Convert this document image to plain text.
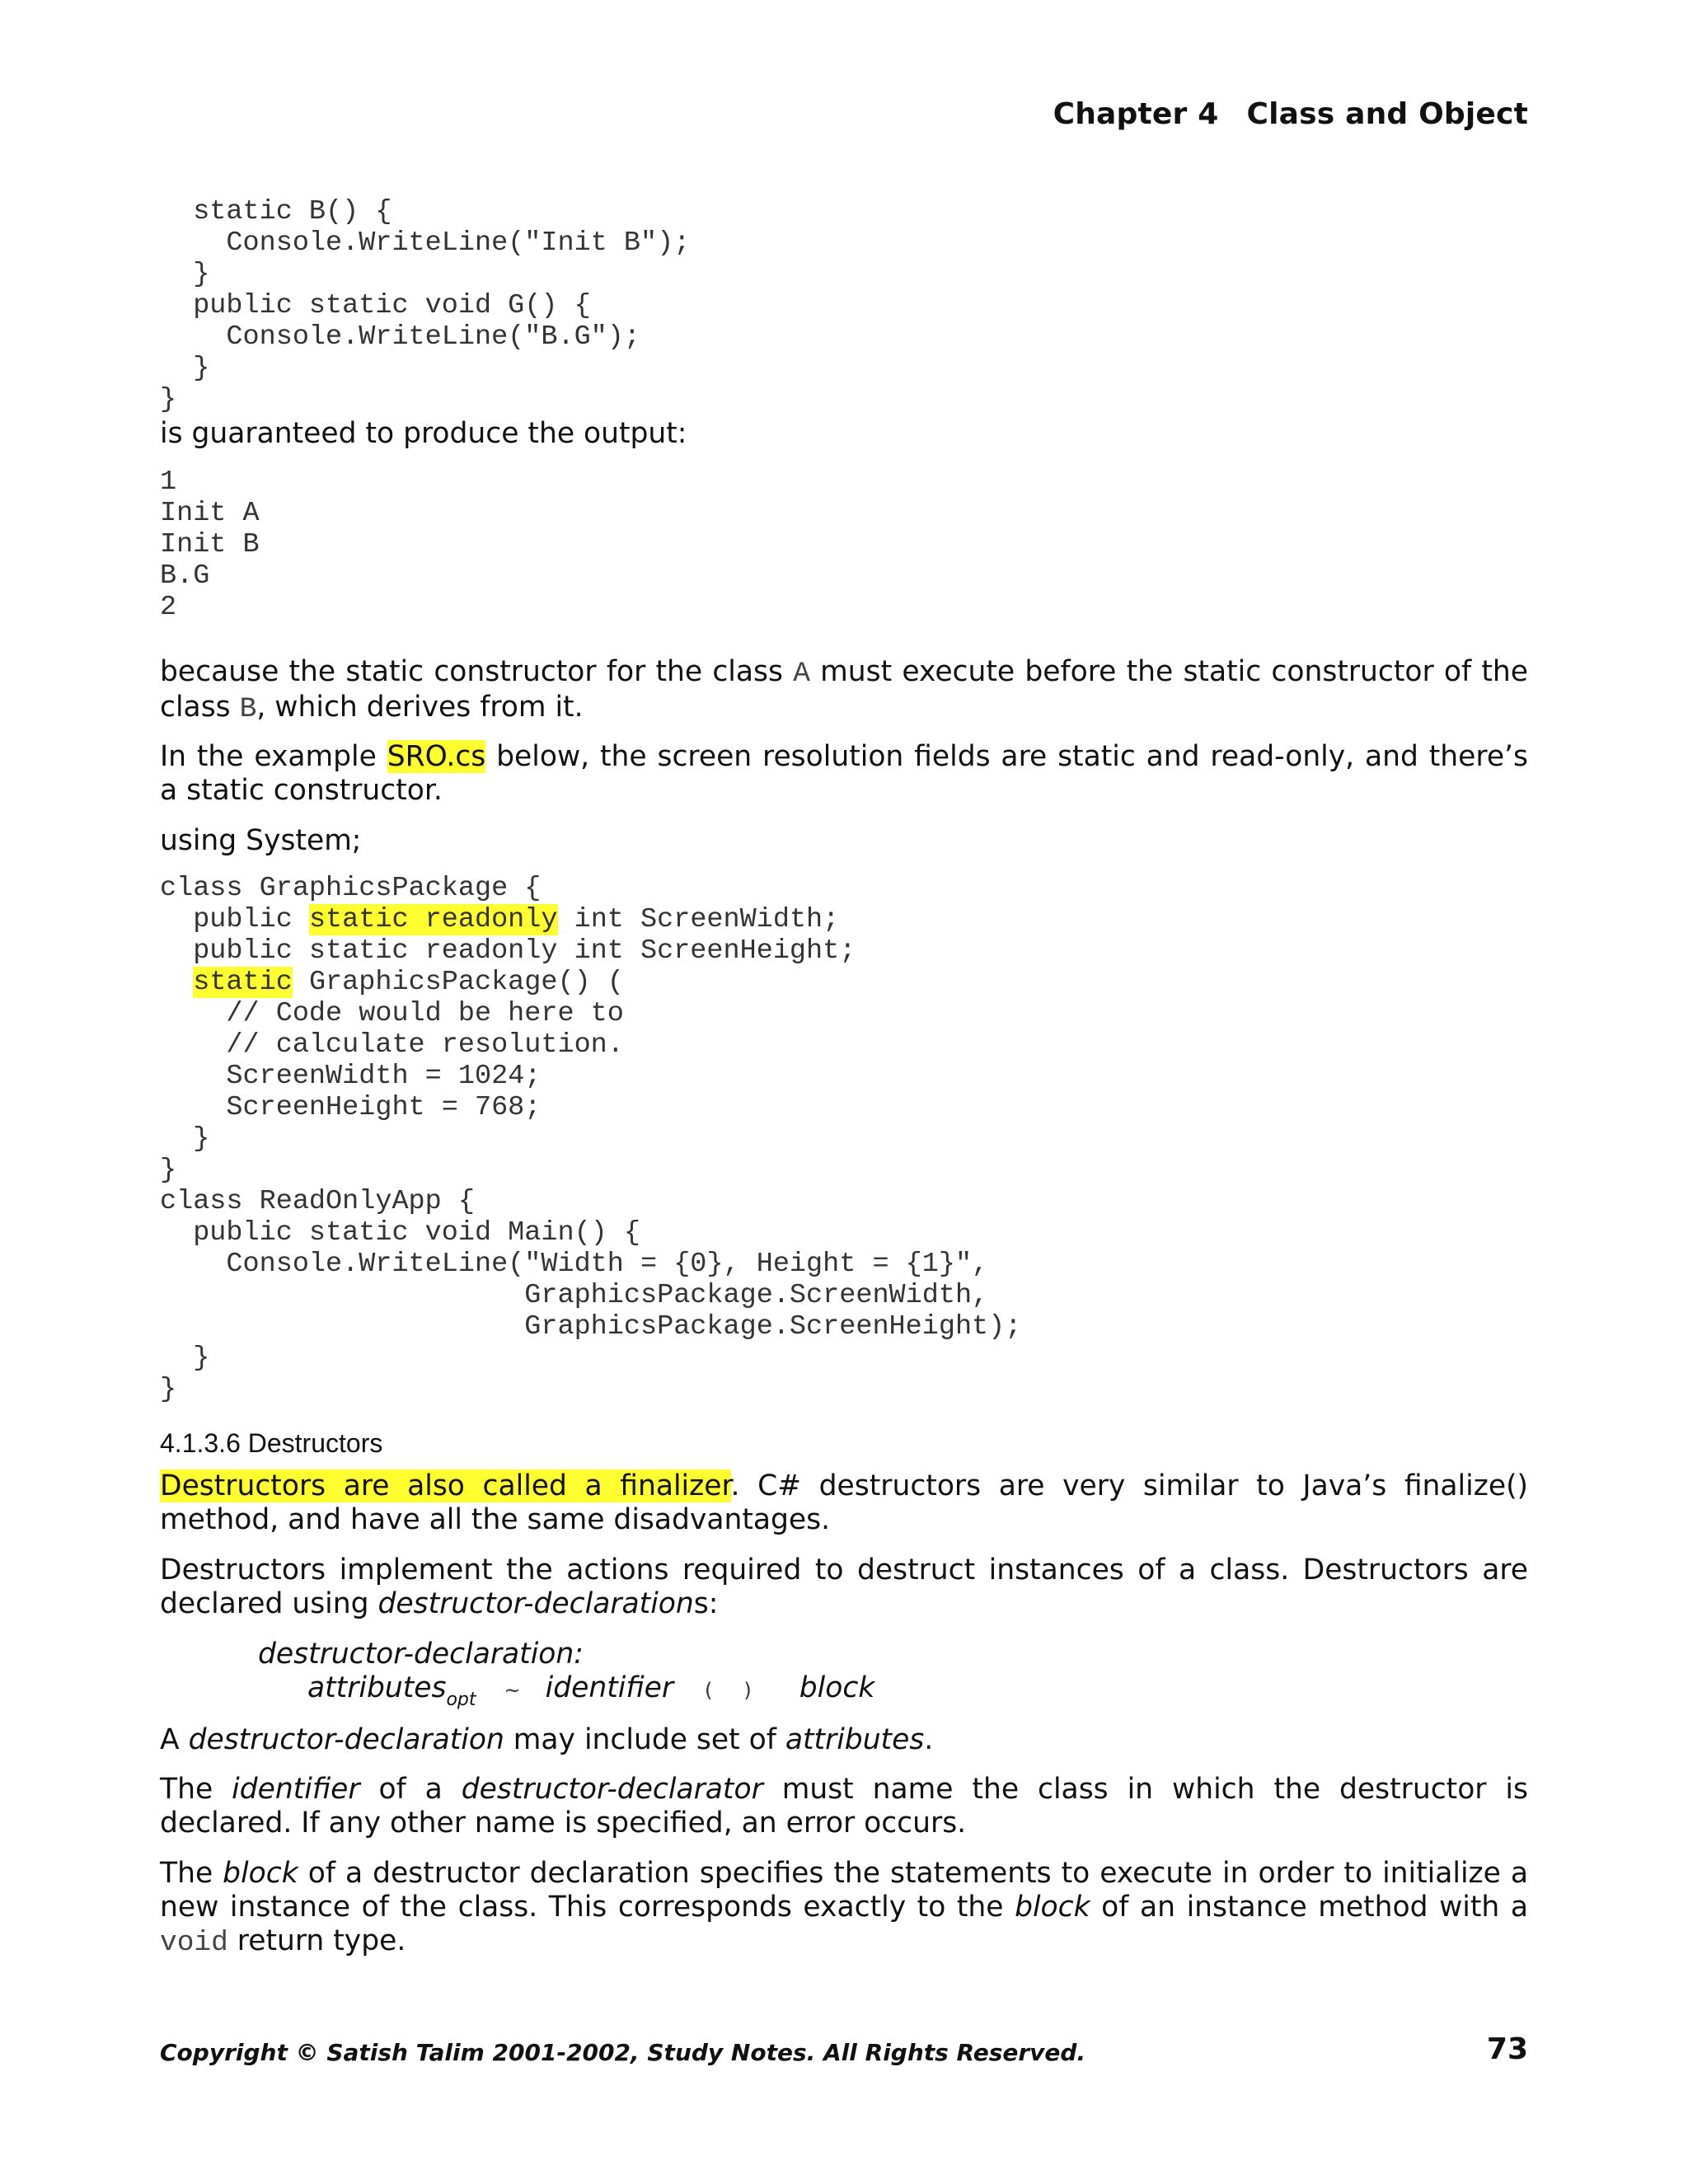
Chapter 4 Class and Object
static B() {
Console.WriteLine("Init B");
}
public static void G() {
Console.WriteLine("B.G");
}
}

is guaranteed to produce the output:

1
Init A
Init B
B.G
2

because the static constructor for the class A must execute before the static constructor of the class B, which derives from it.

In the example SRO.cs below, the screen resolution fields are static and read-only, and there’s a static constructor.

using System;

class GraphicsPackage {
public static readonly int ScreenWidth;
public static readonly int ScreenHeight;
static GraphicsPackage() (
// Code would be here to
// calculate resolution.
ScreenWidth = 1024;
ScreenHeight = 768;
}
}
class ReadOnlyApp {
public static void Main() {
Console.WriteLine("Width = {0}, Height = {1}",
GraphicsPackage.ScreenWidth,
GraphicsPackage.ScreenHeight);
}
}
4.1.3.6 Destructors

Destructors are also called a finalizer. C# destructors are very similar to Java’s finalize() method, and have all the same disadvantages.

Destructors implement the actions required to destruct instances of a class. Destructors are declared using destructor-declarations:

destructor-declaration:
attributes$_{opt}$ ~ identifier ( ) block

A destructor-declaration may include set of attributes.

The identifier of a destructor-declarator must name the class in which the destructor is declared. If any other name is specified, an error occurs.

The block of a destructor declaration specifies the statements to execute in order to initialize a new instance of the class. This corresponds exactly to the block of an instance method with a void return type.

Copyright © Satish Talim 2001-2002, Study Notes. All Rights Reserved.	73
